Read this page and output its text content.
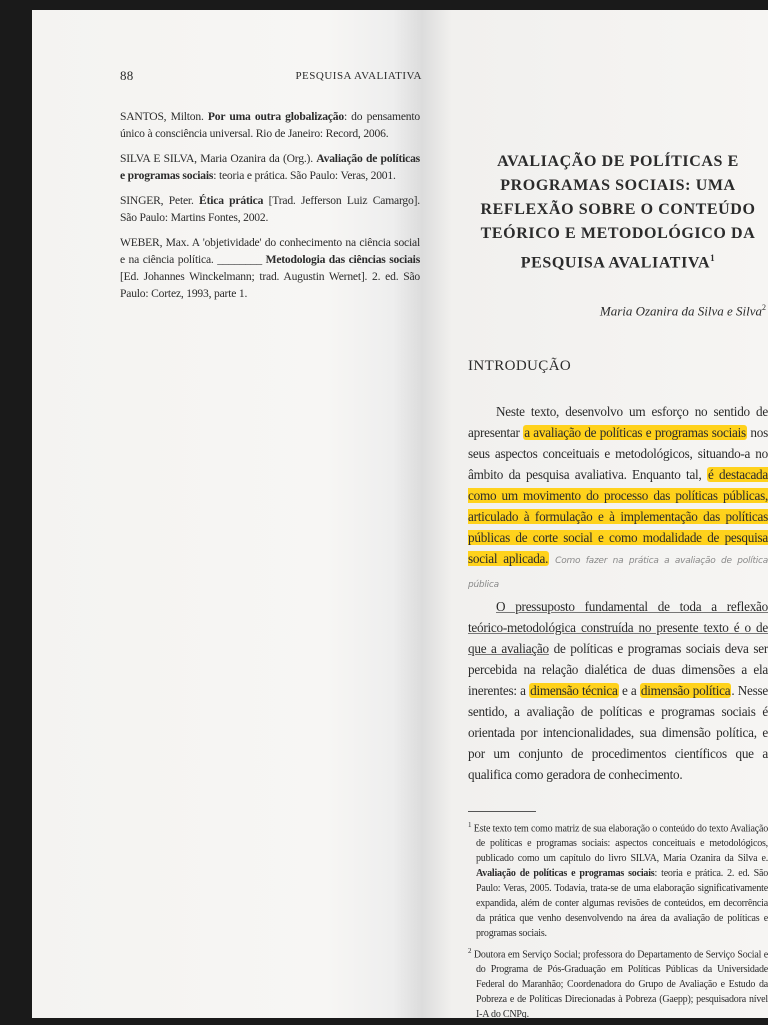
88	PESQUISA AVALIATIVA
SANTOS, Milton. Por uma outra globalização: do pensamento único à consciência universal. Rio de Janeiro: Record, 2006.
SILVA E SILVA, Maria Ozanira da (Org.). Avaliação de políticas e programas sociais: teoria e prática. São Paulo: Veras, 2001.
SINGER, Peter. Ética prática [Trad. Jefferson Luiz Camargo]. São Paulo: Martins Fontes, 2002.
WEBER, Max. A 'objetividade' do conhecimento na ciência social e na ciência política. ________ Metodologia das ciências sociais [Ed. Johannes Winckelmann; trad. Augustin Wernet]. 2. ed. São Paulo: Cortez, 1993, parte 1.
AVALIAÇÃO DE POLÍTICAS E PROGRAMAS SOCIAIS: UMA REFLEXÃO SOBRE O CONTEÚDO TEÓRICO E METODOLÓGICO DA PESQUISA AVALIATIVA$^1$
Maria Ozanira da Silva e Silva$^2$
INTRODUÇÃO

Neste texto, desenvolvo um esforço no sentido de apresentar a avaliação de políticas e programas sociais nos seus aspectos conceituais e metodológicos, situando-a no âmbito da pesquisa avaliativa. Enquanto tal, é destacada como um movimento do processo das políticas públicas, articulado à formulação e à implementação das políticas públicas de corte social e como modalidade de pesquisa social aplicada. Como fazer na prática a avaliação de política pública

O pressuposto fundamental de toda a reflexão teórico-metodológica construída no presente texto é o de que a avaliação de políticas e programas sociais deva ser percebida na relação dialética de duas dimensões a ela inerentes: a dimensão técnica e a dimensão política. Nesse sentido, a avaliação de políticas e programas sociais é orientada por intencionalidades, sua dimensão política, e por um conjunto de procedimentos científicos que a qualifica como geradora de conhecimento.

$^1$ Este texto tem como matriz de sua elaboração o conteúdo do texto Avaliação de políticas e programas sociais: aspectos conceituais e metodológicos, publicado como um capítulo do livro SILVA, Maria Ozanira da Silva e. Avaliação de políticas e programas sociais: teoria e prática. 2. ed. São Paulo: Veras, 2005. Todavia, trata-se de uma elaboração significativamente expandida, além de conter algumas revisões de conteúdos, em decorrência da prática que venho desenvolvendo na área da avaliação de políticas e programas sociais.
$^2$ Doutora em Serviço Social; professora do Departamento de Serviço Social e do Programa de Pós-Graduação em Políticas Públicas da Universidade Federal do Maranhão; Coordenadora do Grupo de Avaliação e Estudo da Pobreza e de Políticas Direcionadas à Pobreza (Gaepp); pesquisadora nível I-A do CNPq.
